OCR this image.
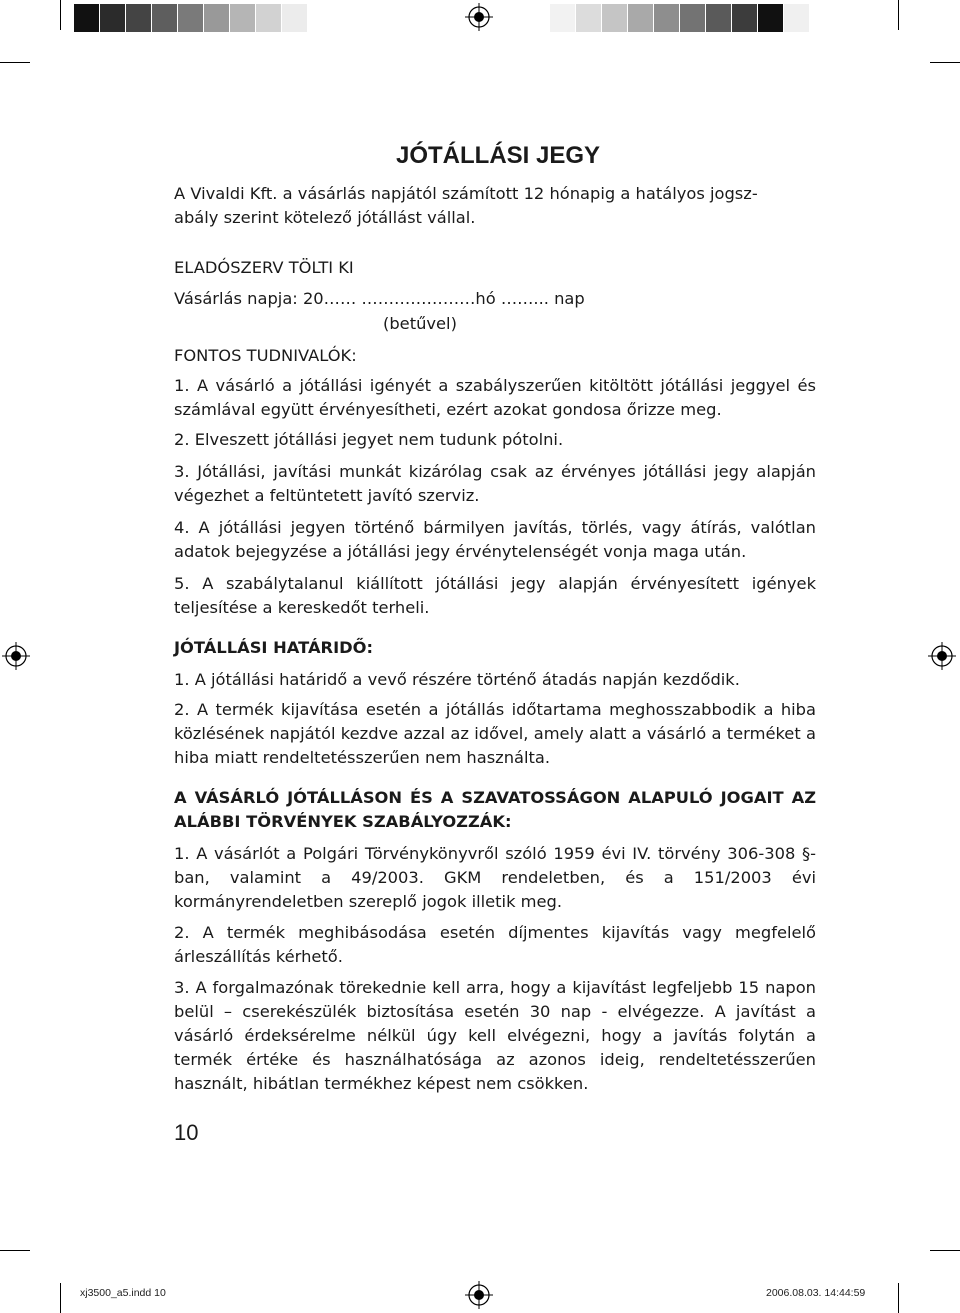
JÓTÁLLÁSI JEGY
A Vivaldi Kft. a vásárlás napjától számított 12 hónapig a hatályos jogsz-
abály szerint kötelező jótállást vállal.
ELADÓSZERV TÖLTI KI
Vásárlás napja: 20…… …………………hó ……... nap
(betűvel)
FONTOS TUDNIVALÓK:
1. A vásárló a jótállási igényét a szabályszerűen kitöltött jótállási jeggyel és számlával együtt érvényesítheti, ezért azokat gondosa őrizze meg.
2. Elveszett jótállási jegyet nem tudunk pótolni.
3. Jótállási, javítási munkát kizárólag csak az érvényes jótállási jegy alapján végezhet a feltüntetett javító szerviz.
4. A jótállási jegyen történő bármilyen javítás, törlés, vagy átírás, valótlan adatok bejegyzése a jótállási jegy érvénytelenségét vonja maga után.
5. A szabálytalanul kiállított jótállási jegy alapján érvényesített igények teljesítése a kereskedőt terheli.
JÓTÁLLÁSI HATÁRIDŐ:
1. A jótállási határidő a vevő részére történő átadás napján kezdődik.
2. A termék kijavítása esetén a jótállás időtartama meghosszabbodik a hiba közlésének napjától kezdve azzal az idővel, amely alatt a vásárló a terméket a hiba miatt rendeltetésszerűen nem használta.
A VÁSÁRLÓ JÓTÁLLÁSON ÉS A SZAVATOSSÁGON ALAPULÓ JOGAIT AZ ALÁBBI TÖRVÉNYEK SZABÁLYOZZÁK:
1. A vásárlót a Polgári Törvénykönyvről szóló 1959 évi IV. törvény 306-308 §-ban, valamint a 49/2003. GKM rendeletben, és a 151/2003 évi kormányrendeletben szereplő jogok illetik meg.
2. A termék meghibásodása esetén díjmentes kijavítás vagy megfelelő árleszállítás kérhető.
3. A forgalmazónak törekednie kell arra, hogy a kijavítást legfeljebb 15 napon belül – cserekészülék biztosítása esetén 30 nap - elvégezze. A javítást a vásárló érdeksérelme nélkül úgy kell elvégezni, hogy a javítás folytán a termék értéke és használhatósága az azonos ideig, rendeltetésszerűen használt, hibátlan termékhez képest nem csökken.
10
xj3500_a5.indd 10	2006.08.03. 14:44:59
